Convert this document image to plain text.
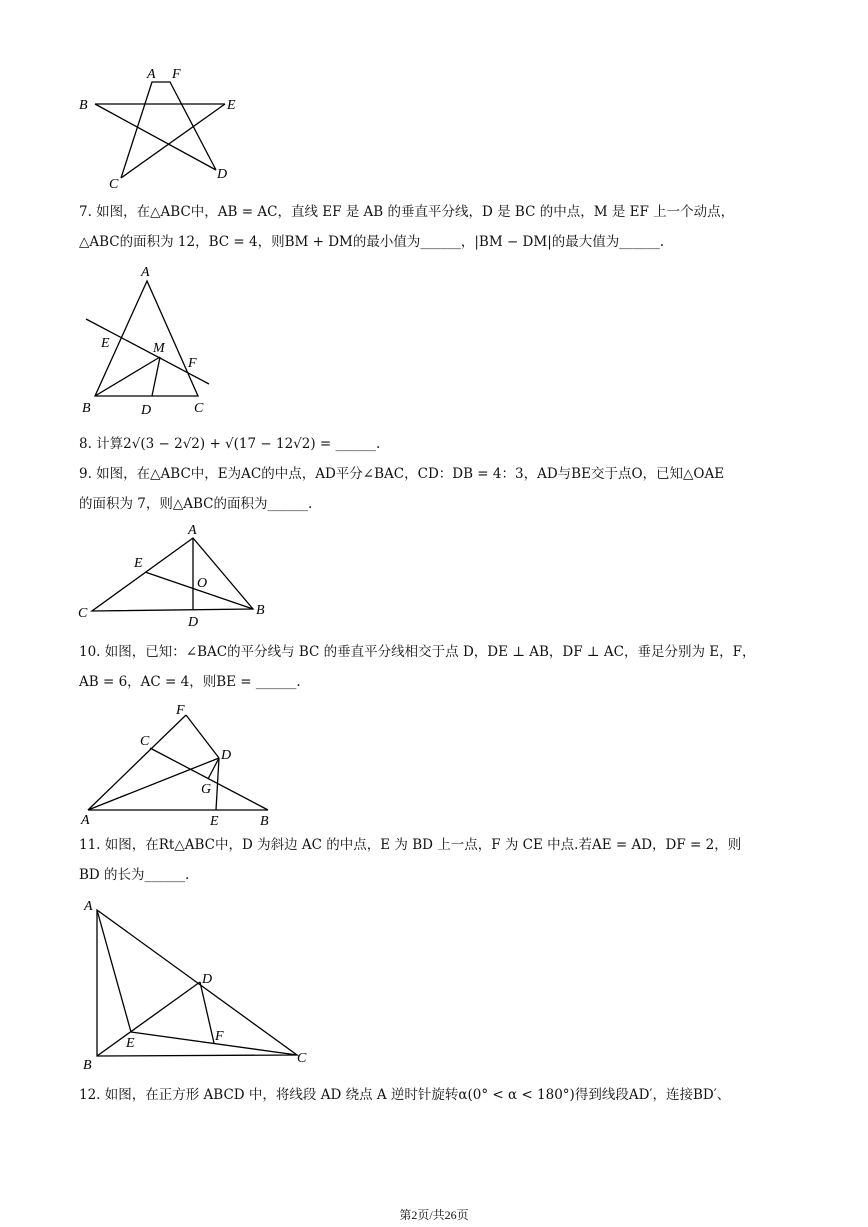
A F
B	E
C
D

7. 如图，在△ABC中，AB = AC，直线 EF 是 AB 的垂直平分线，D 是 BC 的中点，M 是 EF 上一个动点，

△ABC的面积为 12，BC = 4，则BM + DM的最小值为______，|BM − DM|的最大值为______.

A
E	M
F
B	D	C

8. 计算2√(3 − 2√2) + √(17 − 12√2) = ______.

9. 如图，在△ABC中，E为AC的中点，AD平分∠BAC，CD：DB = 4：3，AD与BE交于点O，已知△OAE

的面积为 7，则△ABC的面积为______.

A
E
O
C
D
B

10. 如图，已知：∠BAC的平分线与 BC 的垂直平分线相交于点 D，DE ⊥ AB，DF ⊥ AC，垂足分别为 E，F，

AB = 6，AC = 4，则BE = ______.

F
C
D
G
A	E	B

11. 如图，在Rt△ABC中，D 为斜边 AC 的中点，E 为 BD 上一点，F 为 CE 中点.若AE = AD，DF = 2，则

BD 的长为______.

A
D
E	F
B	C

12. 如图，在正方形 ABCD 中，将线段 AD 绕点 A 逆时针旋转α(0° < α < 180°)得到线段AD′，连接BD′、

第2页/共26页
